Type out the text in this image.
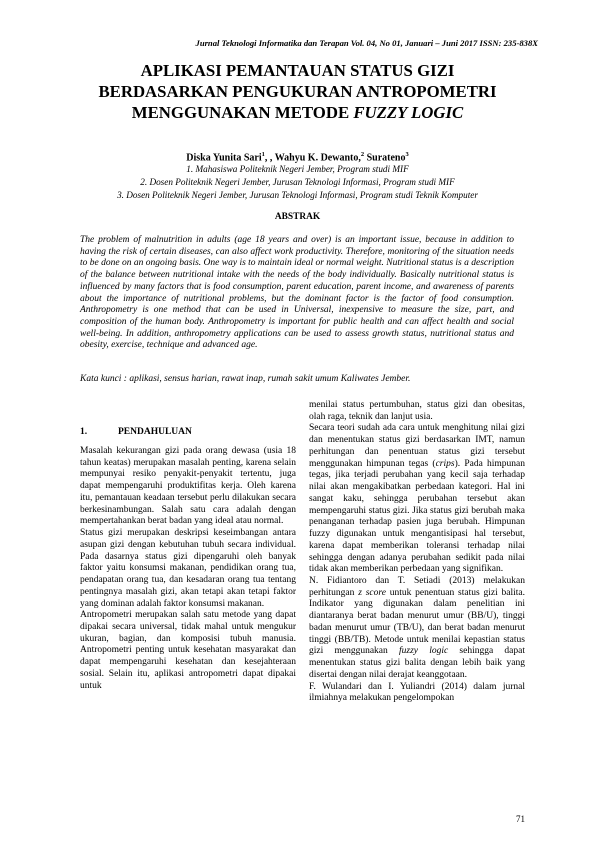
Jurnal Teknologi Informatika dan Terapan Vol. 04, No 01, Januari – Juni 2017 ISSN: 235-838X
APLIKASI PEMANTAUAN STATUS GIZI
BERDASARKAN PENGUKURAN ANTROPOMETRI
MENGGUNAKAN METODE FUZZY LOGIC
Diska Yunita Sari$^1$, , Wahyu K. Dewanto,$^2$ Surateno$^3$
1. Mahasiswa Politeknik Negeri Jember, Program studi MIF
2. Dosen Politeknik Negeri Jember, Jurusan Teknologi Informasi, Program studi MIF
3. Dosen Politeknik Negeri Jember, Jurusan Teknologi Informasi, Program studi Teknik Komputer
ABSTRAK

The problem of malnutrition in adults (age 18 years and over) is an important issue, because in addition to having the risk of certain diseases, can also affect work productivity. Therefore, monitoring of the situation needs to be done on an ongoing basis. One way is to maintain ideal or normal weight. Nutritional status is a description of the balance between nutritional intake with the needs of the body individually. Basically nutritional status is influenced by many factors that is food consumption, parent education, parent income, and awareness of parents about the importance of nutritional problems, but the dominant factor is the factor of food consumption. Anthropometry is one method that can be used in Universal, inexpensive to measure the size, part, and composition of the human body. Anthropometry is important for public health and can affect health and social well-being. In addition, anthropometry applications can be used to assess growth status, nutritional status and obesity, exercise, technique and advanced age.

Kata kunci : aplikasi, sensus harian, rawat inap, rumah sakit umum Kaliwates Jember.

1.	PENDAHULUAN

Masalah kekurangan gizi pada orang dewasa (usia 18 tahun keatas) merupakan masalah penting, karena selain mempunyai resiko penyakit-penyakit tertentu, juga dapat mempengaruhi produktifitas kerja. Oleh karena itu, pemantauan keadaan tersebut perlu dilakukan secara berkesinambungan. Salah satu cara adalah dengan mempertahankan berat badan yang ideal atau normal.

Status gizi merupakan deskripsi keseimbangan antara asupan gizi dengan kebutuhan tubuh secara individual. Pada dasarnya status gizi dipengaruhi oleh banyak faktor yaitu konsumsi makanan, pendidikan orang tua, pendapatan orang tua, dan kesadaran orang tua tentang pentingnya masalah gizi, akan tetapi akan tetapi faktor yang dominan adalah faktor konsumsi makanan.

Antropometri merupakan salah satu metode yang dapat dipakai secara universal, tidak mahal untuk mengukur ukuran, bagian, dan komposisi tubuh manusia. Antropometri penting untuk kesehatan masyarakat dan dapat mempengaruhi kesehatan dan kesejahteraan sosial. Selain itu, aplikasi antropometri dapat dipakai untuk

menilai status pertumbuhan, status gizi dan obesitas, olah raga, teknik dan lanjut usia.

Secara teori sudah ada cara untuk menghitung nilai gizi dan menentukan status gizi berdasarkan IMT, namun perhitungan dan penentuan status gizi tersebut menggunakan himpunan tegas (crips). Pada himpunan tegas, jika terjadi perubahan yang kecil saja terhadap nilai akan mengakibatkan perbedaan kategori. Hal ini sangat kaku, sehingga perubahan tersebut akan mempengaruhi status gizi. Jika status gizi berubah maka penanganan terhadap pasien juga berubah. Himpunan fuzzy digunakan untuk mengantisipasi hal tersebut, karena dapat memberikan toleransi terhadap nilai sehingga dengan adanya perubahan sedikit pada nilai tidak akan memberikan perbedaan yang signifikan.

N. Fidiantoro dan T. Setiadi (2013) melakukan perhitungan z score untuk penentuan status gizi balita. Indikator yang digunakan dalam penelitian ini diantaranya berat badan menurut umur (BB/U), tinggi badan menurut umur (TB/U), dan berat badan menurut tinggi (BB/TB). Metode untuk menilai kepastian status gizi menggunakan fuzzy logic sehingga dapat menentukan status gizi balita dengan lebih baik yang disertai dengan nilai derajat keanggotaan.

F. Wulandari dan I. Yuliandri (2014) dalam jurnal ilmiahnya melakukan pengelompokan

71
